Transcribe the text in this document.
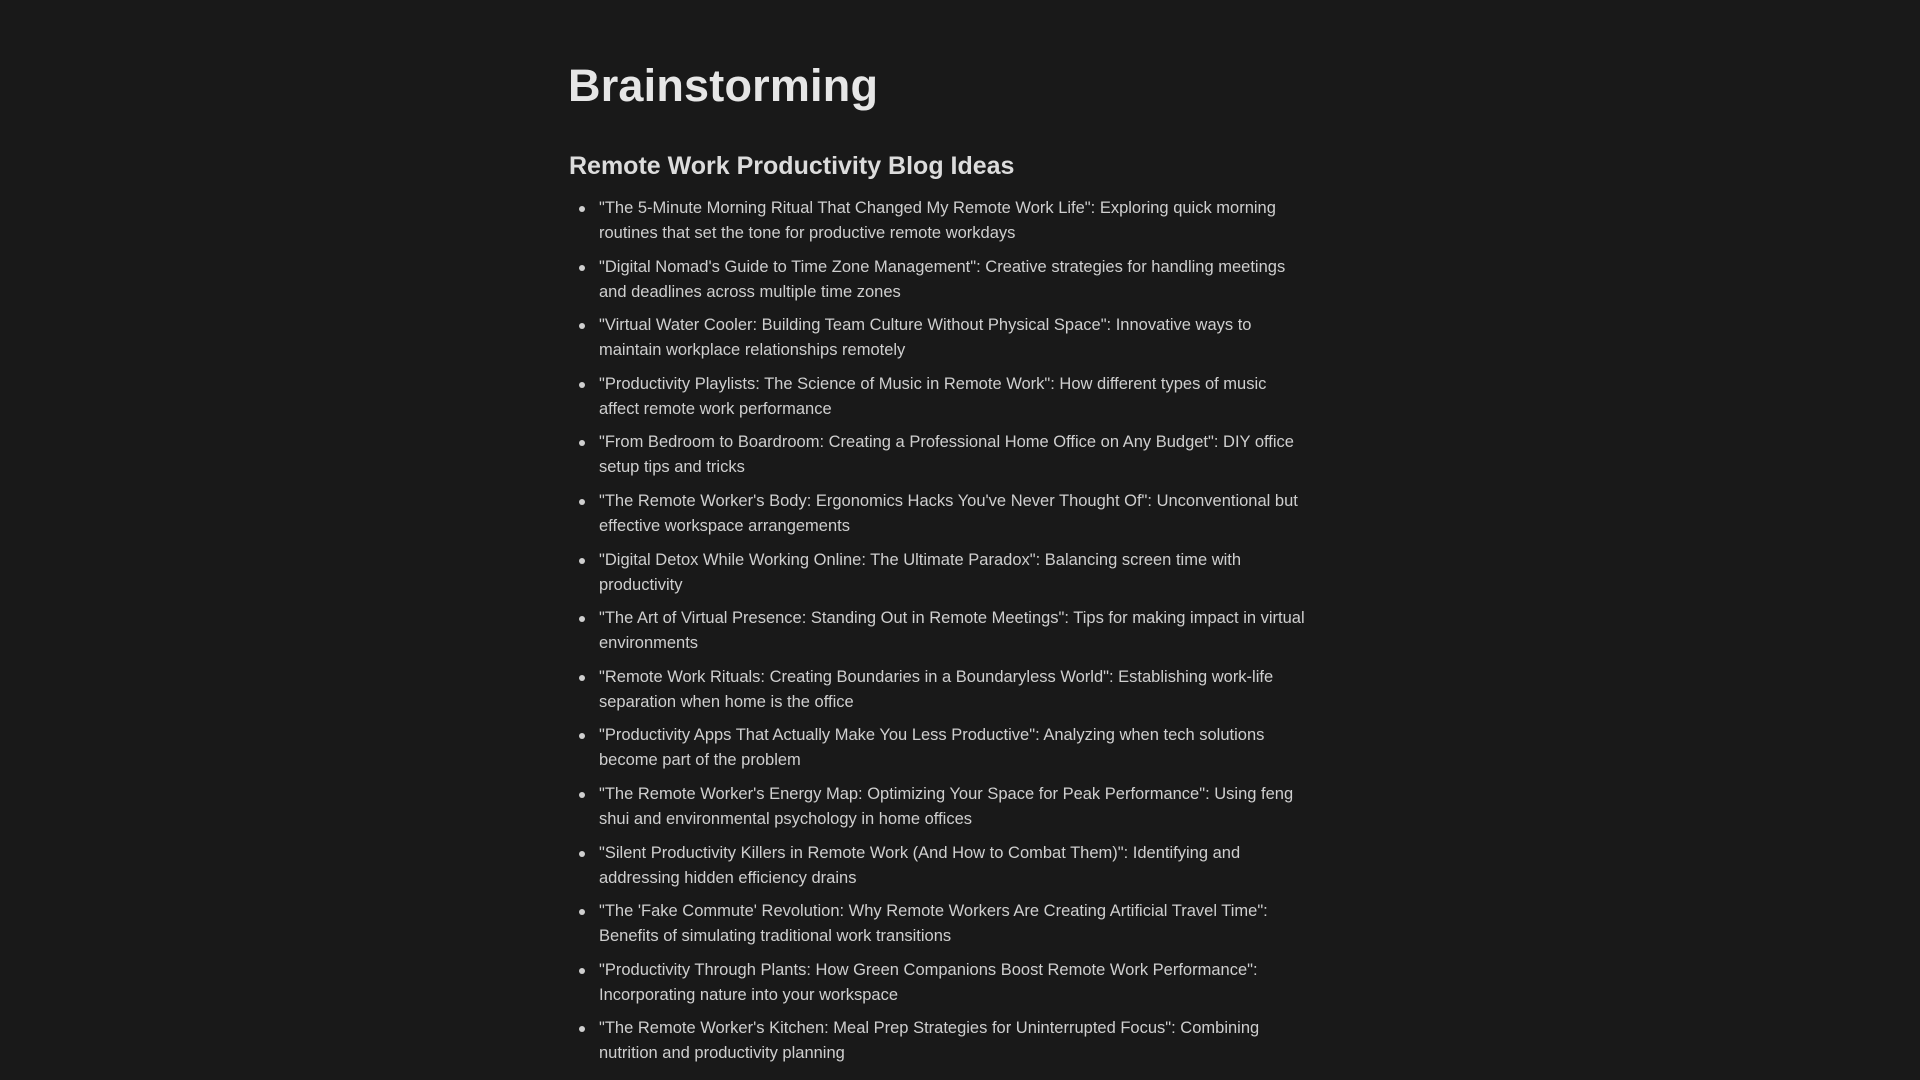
Brainstorming
Remote Work Productivity Blog Ideas
"The 5-Minute Morning Ritual That Changed My Remote Work Life": Exploring quick morning routines that set the tone for productive remote workdays
"Digital Nomad's Guide to Time Zone Management": Creative strategies for handling meetings and deadlines across multiple time zones
"Virtual Water Cooler: Building Team Culture Without Physical Space": Innovative ways to maintain workplace relationships remotely
"Productivity Playlists: The Science of Music in Remote Work": How different types of music affect remote work performance
"From Bedroom to Boardroom: Creating a Professional Home Office on Any Budget": DIY office setup tips and tricks
"The Remote Worker's Body: Ergonomics Hacks You've Never Thought Of": Unconventional but effective workspace arrangements
"Digital Detox While Working Online: The Ultimate Paradox": Balancing screen time with productivity
"The Art of Virtual Presence: Standing Out in Remote Meetings": Tips for making impact in virtual environments
"Remote Work Rituals: Creating Boundaries in a Boundaryless World": Establishing work-life separation when home is the office
"Productivity Apps That Actually Make You Less Productive": Analyzing when tech solutions become part of the problem
"The Remote Worker's Energy Map: Optimizing Your Space for Peak Performance": Using feng shui and environmental psychology in home offices
"Silent Productivity Killers in Remote Work (And How to Combat Them)": Identifying and addressing hidden efficiency drains
"The 'Fake Commute' Revolution: Why Remote Workers Are Creating Artificial Travel Time": Benefits of simulating traditional work transitions
"Productivity Through Plants: How Green Companions Boost Remote Work Performance": Incorporating nature into your workspace
"The Remote Worker's Kitchen: Meal Prep Strategies for Uninterrupted Focus": Combining nutrition and productivity planning
